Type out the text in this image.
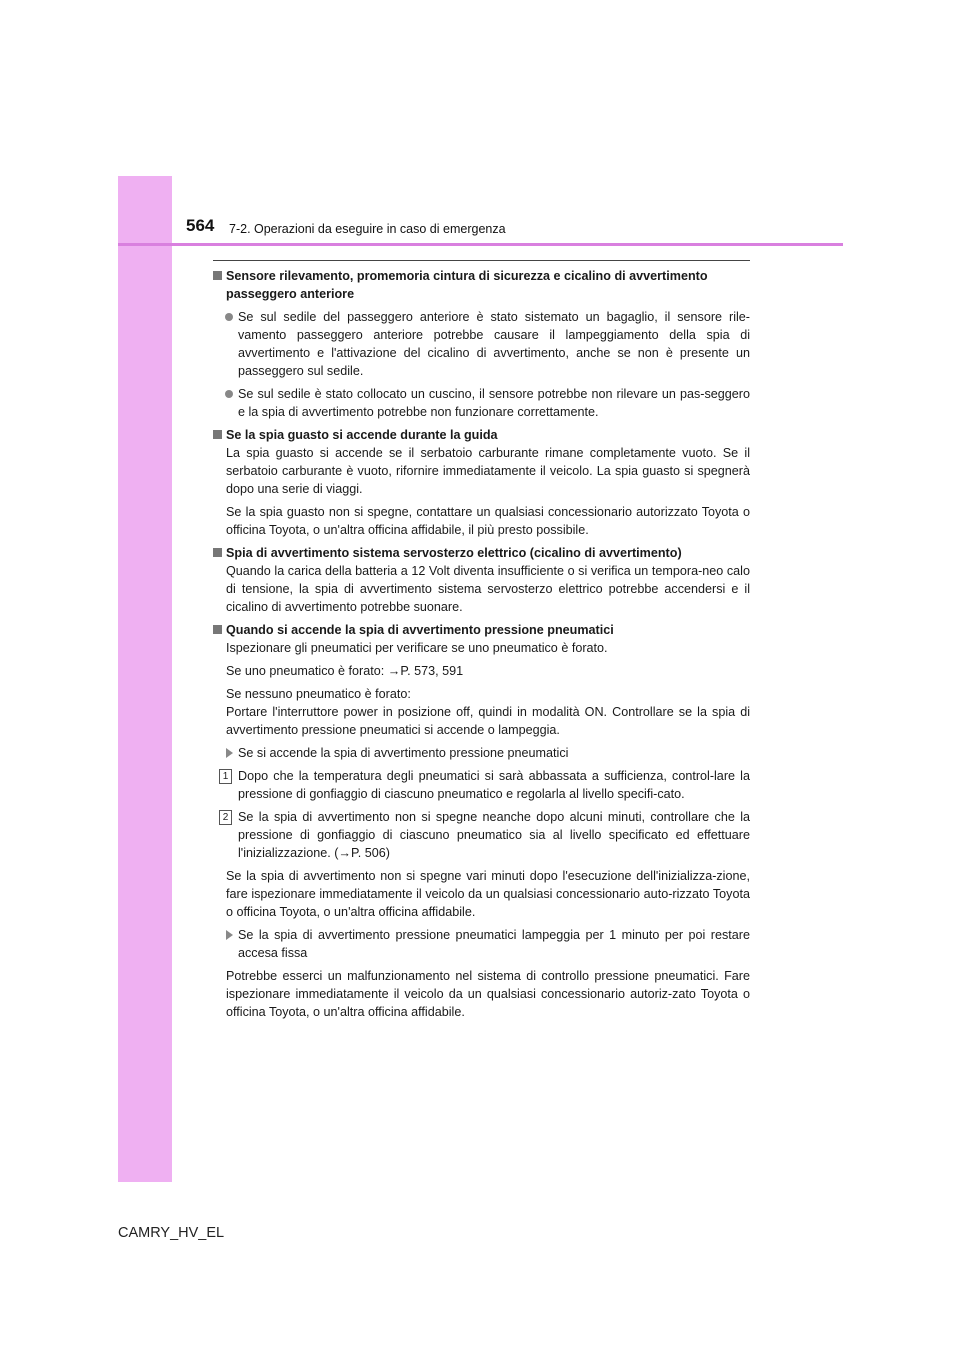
564 7-2. Operazioni da eseguire in caso di emergenza
Sensore rilevamento, promemoria cintura di sicurezza e cicalino di avvertimento passeggero anteriore
Se sul sedile del passeggero anteriore è stato sistemato un bagaglio, il sensore rile-vamento passeggero anteriore potrebbe causare il lampeggiamento della spia di avvertimento e l'attivazione del cicalino di avvertimento, anche se non è presente un passeggero sul sedile.
Se sul sedile è stato collocato un cuscino, il sensore potrebbe non rilevare un pas-seggero e la spia di avvertimento potrebbe non funzionare correttamente.
Se la spia guasto si accende durante la guida
La spia guasto si accende se il serbatoio carburante rimane completamente vuoto. Se il serbatoio carburante è vuoto, rifornire immediatamente il veicolo. La spia guasto si spegnerà dopo una serie di viaggi.
Se la spia guasto non si spegne, contattare un qualsiasi concessionario autorizzato Toyota o officina Toyota, o un'altra officina affidabile, il più presto possibile.
Spia di avvertimento sistema servosterzo elettrico (cicalino di avvertimento)
Quando la carica della batteria a 12 Volt diventa insufficiente o si verifica un tempora-neo calo di tensione, la spia di avvertimento sistema servosterzo elettrico potrebbe accendersi e il cicalino di avvertimento potrebbe suonare.
Quando si accende la spia di avvertimento pressione pneumatici
Ispezionare gli pneumatici per verificare se uno pneumatico è forato.
Se uno pneumatico è forato: →P. 573, 591
Se nessuno pneumatico è forato:
Portare l'interruttore power in posizione off, quindi in modalità ON. Controllare se la spia di avvertimento pressione pneumatici si accende o lampeggia.
Se si accende la spia di avvertimento pressione pneumatici
1 Dopo che la temperatura degli pneumatici si sarà abbassata a sufficienza, control-lare la pressione di gonfiaggio di ciascuno pneumatico e regolarla al livello specifi-cato.
2 Se la spia di avvertimento non si spegne neanche dopo alcuni minuti, controllare che la pressione di gonfiaggio di ciascuno pneumatico sia al livello specificato ed effettuare l'inizializzazione. (→P. 506)
Se la spia di avvertimento non si spegne vari minuti dopo l'esecuzione dell'inizializza-zione, fare ispezionare immediatamente il veicolo da un qualsiasi concessionario auto-rizzato Toyota o officina Toyota, o un'altra officina affidabile.
Se la spia di avvertimento pressione pneumatici lampeggia per 1 minuto per poi restare accesa fissa
Potrebbe esserci un malfunzionamento nel sistema di controllo pressione pneumatici. Fare ispezionare immediatamente il veicolo da un qualsiasi concessionario autoriz-zato Toyota o officina Toyota, o un'altra officina affidabile.
CAMRY_HV_EL
